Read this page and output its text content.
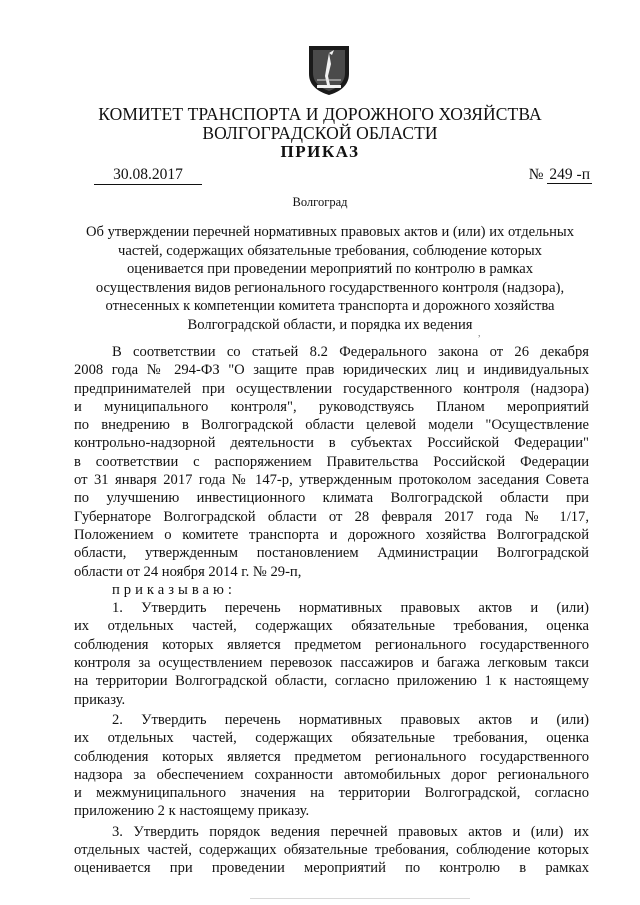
КОМИТЕТ ТРАНСПОРТА И ДОРОЖНОГО ХОЗЯЙСТВА
ВОЛГОГРАДСКОЙ ОБЛАСТИ
ПРИКАЗ
30.08.2017	№ 249 -п
Волгоград
Об утверждении перечней нормативных правовых актов и (или) их отдельных
частей, содержащих обязательные требования, соблюдение которых
оценивается при проведении мероприятий по контролю в рамках
осуществления видов регионального государственного контроля (надзора),
отнесенных к компетенции комитета транспорта и дорожного хозяйства
Волгоградской области, и порядка их ведения
,
В соответствии со статьей 8.2 Федерального закона от 26 декабря
2008 года № 294-ФЗ "О защите прав юридических лиц и индивидуальных
предпринимателей при осуществлении государственного контроля (надзора)
и муниципального контроля", руководствуясь Планом мероприятий
по внедрению в Волгоградской области целевой модели "Осуществление
контрольно-надзорной деятельности в субъектах Российской Федерации"
в соответствии с распоряжением Правительства Российской Федерации
от 31 января 2017 года № 147-р, утвержденным протоколом заседания Совета
по улучшению инвестиционного климата Волгоградской области при
Губернаторе Волгоградской области от 28 февраля 2017 года № 1/17,
Положением о комитете транспорта и дорожного хозяйства Волгоградской
области, утвержденным постановлением Администрации Волгоградской
области от 24 ноября 2014 г. № 29-п,
приказываю:
1. Утвердить перечень нормативных правовых актов и (или)
их отдельных частей, содержащих обязательные требования, оценка
соблюдения которых является предметом регионального государственного
контроля за осуществлением перевозок пассажиров и багажа легковым такси
на территории Волгоградской области, согласно приложению 1 к настоящему
приказу.
2. Утвердить перечень нормативных правовых актов и (или)
их отдельных частей, содержащих обязательные требования, оценка
соблюдения которых является предметом регионального государственного
надзора за обеспечением сохранности автомобильных дорог регионального
и межмуниципального значения на территории Волгоградской, согласно
приложению 2 к настоящему приказу.
3. Утвердить порядок ведения перечней правовых актов и (или) их
отдельных частей, содержащих обязательные требования, соблюдение которых
оценивается при проведении мероприятий по контролю в рамках
